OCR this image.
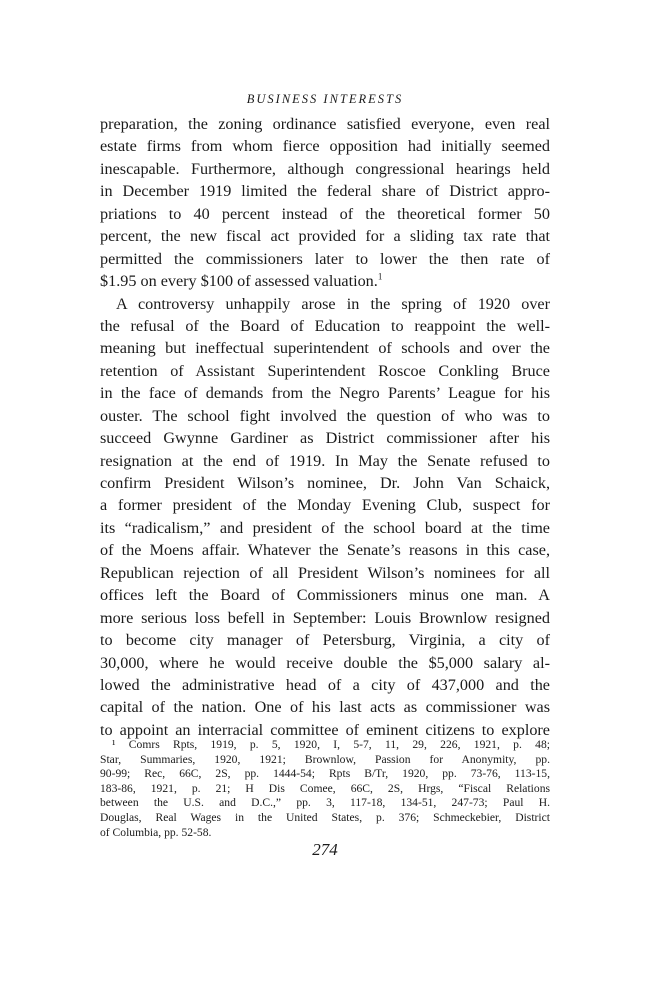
BUSINESS INTERESTS
preparation, the zoning ordinance satisfied everyone, even real
estate firms from whom fierce opposition had initially seemed
inescapable. Furthermore, although congressional hearings held
in December 1919 limited the federal share of District appro-
priations to 40 percent instead of the theoretical former 50
percent, the new fiscal act provided for a sliding tax rate that
permitted the commissioners later to lower the then rate of
$1.95 on every $100 of assessed valuation.$^1$
A controversy unhappily arose in the spring of 1920 over
the refusal of the Board of Education to reappoint the well-
meaning but ineffectual superintendent of schools and over the
retention of Assistant Superintendent Roscoe Conkling Bruce
in the face of demands from the Negro Parents’ League for his
ouster. The school fight involved the question of who was to
succeed Gwynne Gardiner as District commissioner after his
resignation at the end of 1919. In May the Senate refused to
confirm President Wilson’s nominee, Dr. John Van Schaick,
a former president of the Monday Evening Club, suspect for
its “radicalism,” and president of the school board at the time
of the Moens affair. Whatever the Senate’s reasons in this case,
Republican rejection of all President Wilson’s nominees for all
offices left the Board of Commissioners minus one man. A
more serious loss befell in September: Louis Brownlow resigned
to become city manager of Petersburg, Virginia, a city of
30,000, where he would receive double the $5,000 salary al-
lowed the administrative head of a city of 437,000 and the
capital of the nation. One of his last acts as commissioner was
to appoint an interracial committee of eminent citizens to explore
¹ Comrs Rpts, 1919, p. 5, 1920, I, 5-7, 11, 29, 226, 1921, p. 48;
Star, Summaries, 1920, 1921; Brownlow, Passion for Anonymity, pp.
90-99; Rec, 66C, 2S, pp. 1444-54; Rpts B/Tr, 1920, pp. 73-76, 113-15,
183-86, 1921, p. 21; H Dis Comee, 66C, 2S, Hrgs, “Fiscal Relations
between the U.S. and D.C.,” pp. 3, 117-18, 134-51, 247-73; Paul H.
Douglas, Real Wages in the United States, p. 376; Schmeckebier, District
of Columbia, pp. 52-58.
274
